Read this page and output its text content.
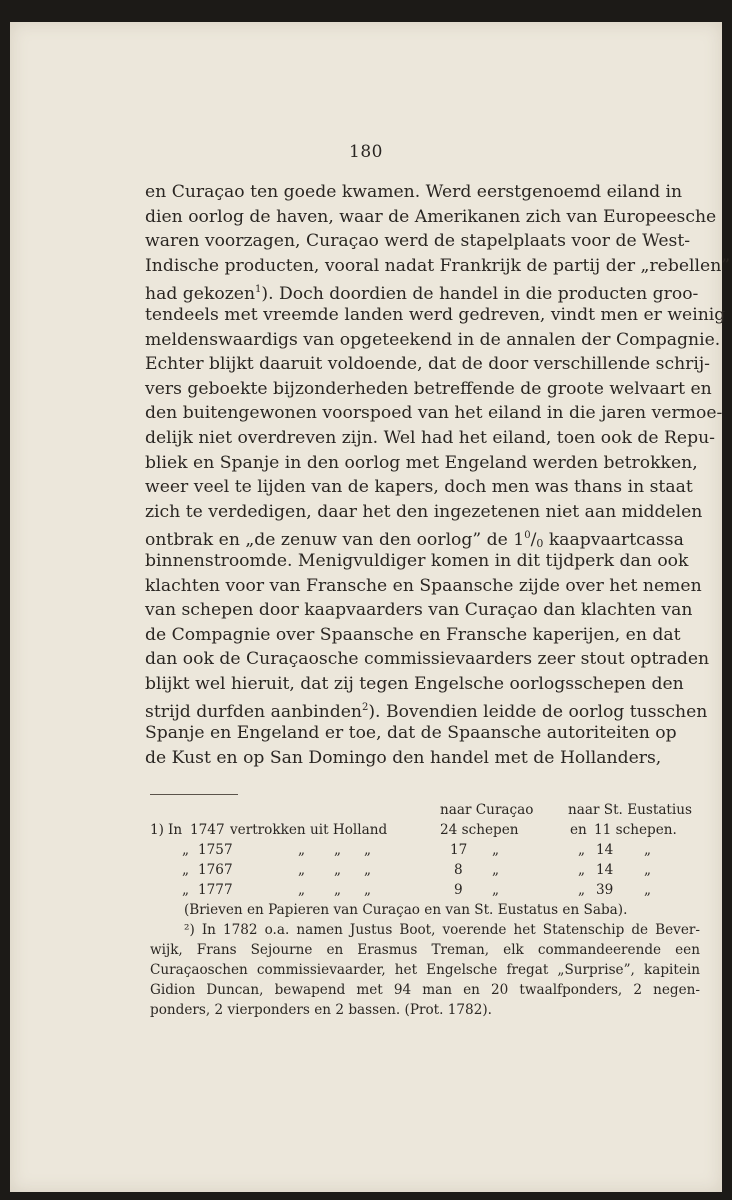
180
en Curaçao ten goede kwamen. Werd eerstgenoemd eiland in
dien oorlog de haven, waar de Amerikanen zich van Europeesche
waren voorzagen, Curaçao werd de stapelplaats voor de West-
Indische producten, vooral nadat Frankrijk de partij der „rebellen”
had gekozen$^1$). Doch doordien de handel in die producten groo-
tendeels met vreemde landen werd gedreven, vindt men er weinig
meldenswaardigs van opgeteekend in de annalen der Compagnie.
Echter blijkt daaruit voldoende, dat de door verschillende schrij-
vers geboekte bijzonderheden betreffende de groote welvaart en
den buitengewonen voorspoed van het eiland in die jaren vermoe-
delijk niet overdreven zijn. Wel had het eiland, toen ook de Repu-
bliek en Spanje in den oorlog met Engeland werden betrokken,
weer veel te lijden van de kapers, doch men was thans in staat
zich te verdedigen, daar het den ingezetenen niet aan middelen
ontbrak en „de zenuw van den oorlog” de $1^0/0$ kaapvaartcassa
binnenstroomde. Menigvuldiger komen in dit tijdperk dan ook
klachten voor van Fransche en Spaansche zijde over het nemen
van schepen door kaapvaarders van Curaçao dan klachten van
de Compagnie over Spaansche en Fransche kaperijen, en dat
dan ook de Curaçaosche commissievaarders zeer stout optraden
blijkt wel hieruit, dat zij tegen Engelsche oorlogsschepen den
strijd durfden aanbinden$^2$). Bovendien leidde de oorlog tusschen
Spanje en Engeland er toe, dat de Spaansche autoriteiten op
de Kust en op San Domingo den handel met de Hollanders,
naar Curaçao	naar St. Eustatius
1) In 1747 vertrokken uit Holland	24 schepen	en 11 schepen.
„ 1757	„ „ „	17 „	„ 14 „
„ 1767	„ „ „	8 „	„ 14 „
„ 1777	„ „ „	9 „	„ 39 „
(Brieven en Papieren van Curaçao en van St. Eustatus en Saba).
²) In 1782 o.a. namen Justus Boot, voerende het Statenschip de Bever-
wijk, Frans Sejourne en Erasmus Treman, elk commandeerende een
Curaçaoschen commissievaarder, het Engelsche fregat „Surprise”, kapitein
Gidion Duncan, bewapend met 94 man en 20 twaalfponders, 2 negen-
ponders, 2 vierponders en 2 bassen. (Prot. 1782).
